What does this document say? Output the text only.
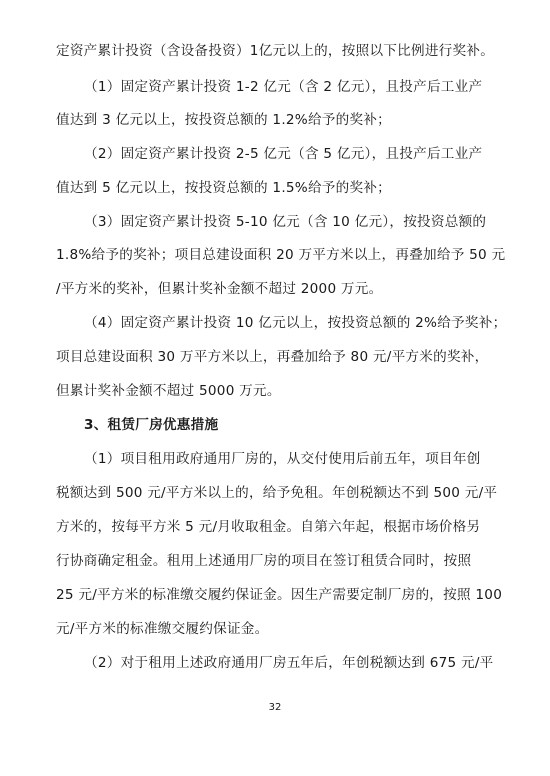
定资产累计投资（含设备投资）1亿元以上的，按照以下比例进行奖补。
（1）固定资产累计投资 1-2 亿元（含 2 亿元），且投产后工业产
值达到 3 亿元以上，按投资总额的 1.2%给予的奖补；
（2）固定资产累计投资 2-5 亿元（含 5 亿元），且投产后工业产
值达到 5 亿元以上，按投资总额的 1.5%给予的奖补；
（3）固定资产累计投资 5-10 亿元（含 10 亿元），按投资总额的
1.8%给予的奖补；项目总建设面积 20 万平方米以上，再叠加给予 50 元
/平方米的奖补，但累计奖补金额不超过 2000 万元。
（4）固定资产累计投资 10 亿元以上，按投资总额的 2%给予奖补；
项目总建设面积 30 万平方米以上，再叠加给予 80 元/平方米的奖补，
但累计奖补金额不超过 5000 万元。
3、租赁厂房优惠措施
（1）项目租用政府通用厂房的，从交付使用后前五年，项目年创
税额达到 500 元/平方米以上的，给予免租。年创税额达不到 500 元/平
方米的，按每平方米 5 元/月收取租金。自第六年起，根据市场价格另
行协商确定租金。租用上述通用厂房的项目在签订租赁合同时，按照
25 元/平方米的标准缴交履约保证金。因生产需要定制厂房的，按照 100
元/平方米的标准缴交履约保证金。
（2）对于租用上述政府通用厂房五年后，年创税额达到 675 元/平
32
